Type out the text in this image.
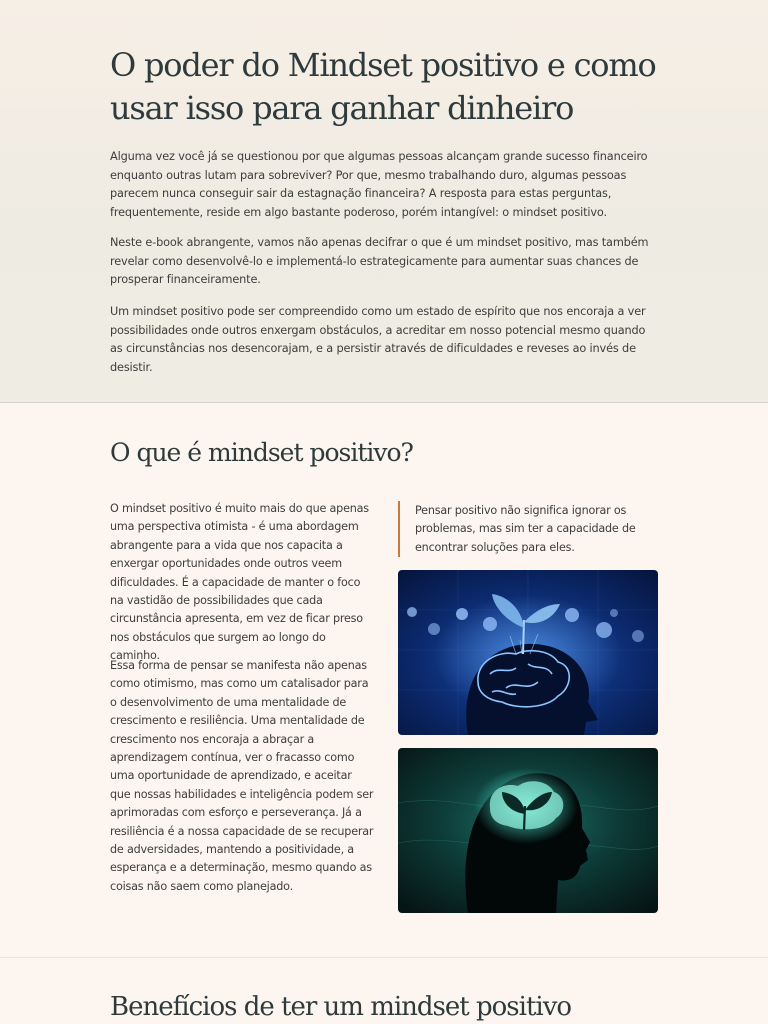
O poder do Mindset positivo e como usar isso para ganhar dinheiro

Alguma vez você já se questionou por que algumas pessoas alcançam grande sucesso financeiro enquanto outras lutam para sobreviver? Por que, mesmo trabalhando duro, algumas pessoas parecem nunca conseguir sair da estagnação financeira? A resposta para estas perguntas, frequentemente, reside em algo bastante poderoso, porém intangível: o mindset positivo.

Neste e-book abrangente, vamos não apenas decifrar o que é um mindset positivo, mas também revelar como desenvolvê-lo e implementá-lo estrategicamente para aumentar suas chances de prosperar financeiramente.

Um mindset positivo pode ser compreendido como um estado de espírito que nos encoraja a ver possibilidades onde outros enxergam obstáculos, a acreditar em nosso potencial mesmo quando as circunstâncias nos desencorajam, e a persistir através de dificuldades e reveses ao invés de desistir.

O que é mindset positivo?

O mindset positivo é muito mais do que apenas uma perspectiva otimista - é uma abordagem abrangente para a vida que nos capacita a enxergar oportunidades onde outros veem dificuldades. É a capacidade de manter o foco na vastidão de possibilidades que cada circunstância apresenta, em vez de ficar preso nos obstáculos que surgem ao longo do caminho.

Essa forma de pensar se manifesta não apenas como otimismo, mas como um catalisador para o desenvolvimento de uma mentalidade de crescimento e resiliência. Uma mentalidade de crescimento nos encoraja a abraçar a aprendizagem contínua, ver o fracasso como uma oportunidade de aprendizado, e aceitar que nossas habilidades e inteligência podem ser aprimoradas com esforço e perseverança. Já a resiliência é a nossa capacidade de se recuperar de adversidades, mantendo a positividade, a esperança e a determinação, mesmo quando as coisas não saem como planejado.

Pensar positivo não significa ignorar os problemas, mas sim ter a capacidade de encontrar soluções para eles.

Benefícios de ter um mindset positivo
